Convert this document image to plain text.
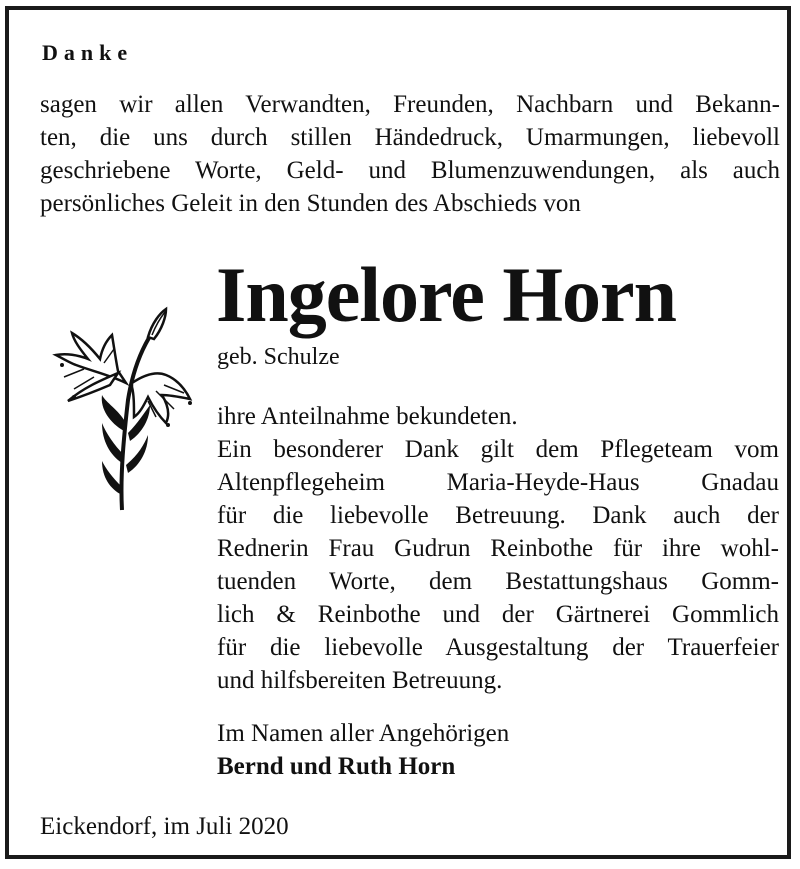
Danke
sagen wir allen Verwandten, Freunden, Nachbarn und Bekann-
ten, die uns durch stillen Händedruck, Umarmungen, liebevoll
geschriebene Worte, Geld- und Blumenzuwendungen, als auch
persönliches Geleit in den Stunden des Abschieds von
Ingelore Horn
geb. Schulze
ihre Anteilnahme bekundeten.
Ein besonderer Dank gilt dem Pflegeteam vom
Altenpflegeheim Maria-Heyde-Haus Gnadau
für die liebevolle Betreuung. Dank auch der
Rednerin Frau Gudrun Reinbothe für ihre wohl-
tuenden Worte, dem Bestattungshaus Gomm-
lich & Reinbothe und der Gärtnerei Gommlich
für die liebevolle Ausgestaltung der Trauerfeier
und hilfsbereiten Betreuung.
Im Namen aller Angehörigen
Bernd und Ruth Horn
Eickendorf, im Juli 2020
